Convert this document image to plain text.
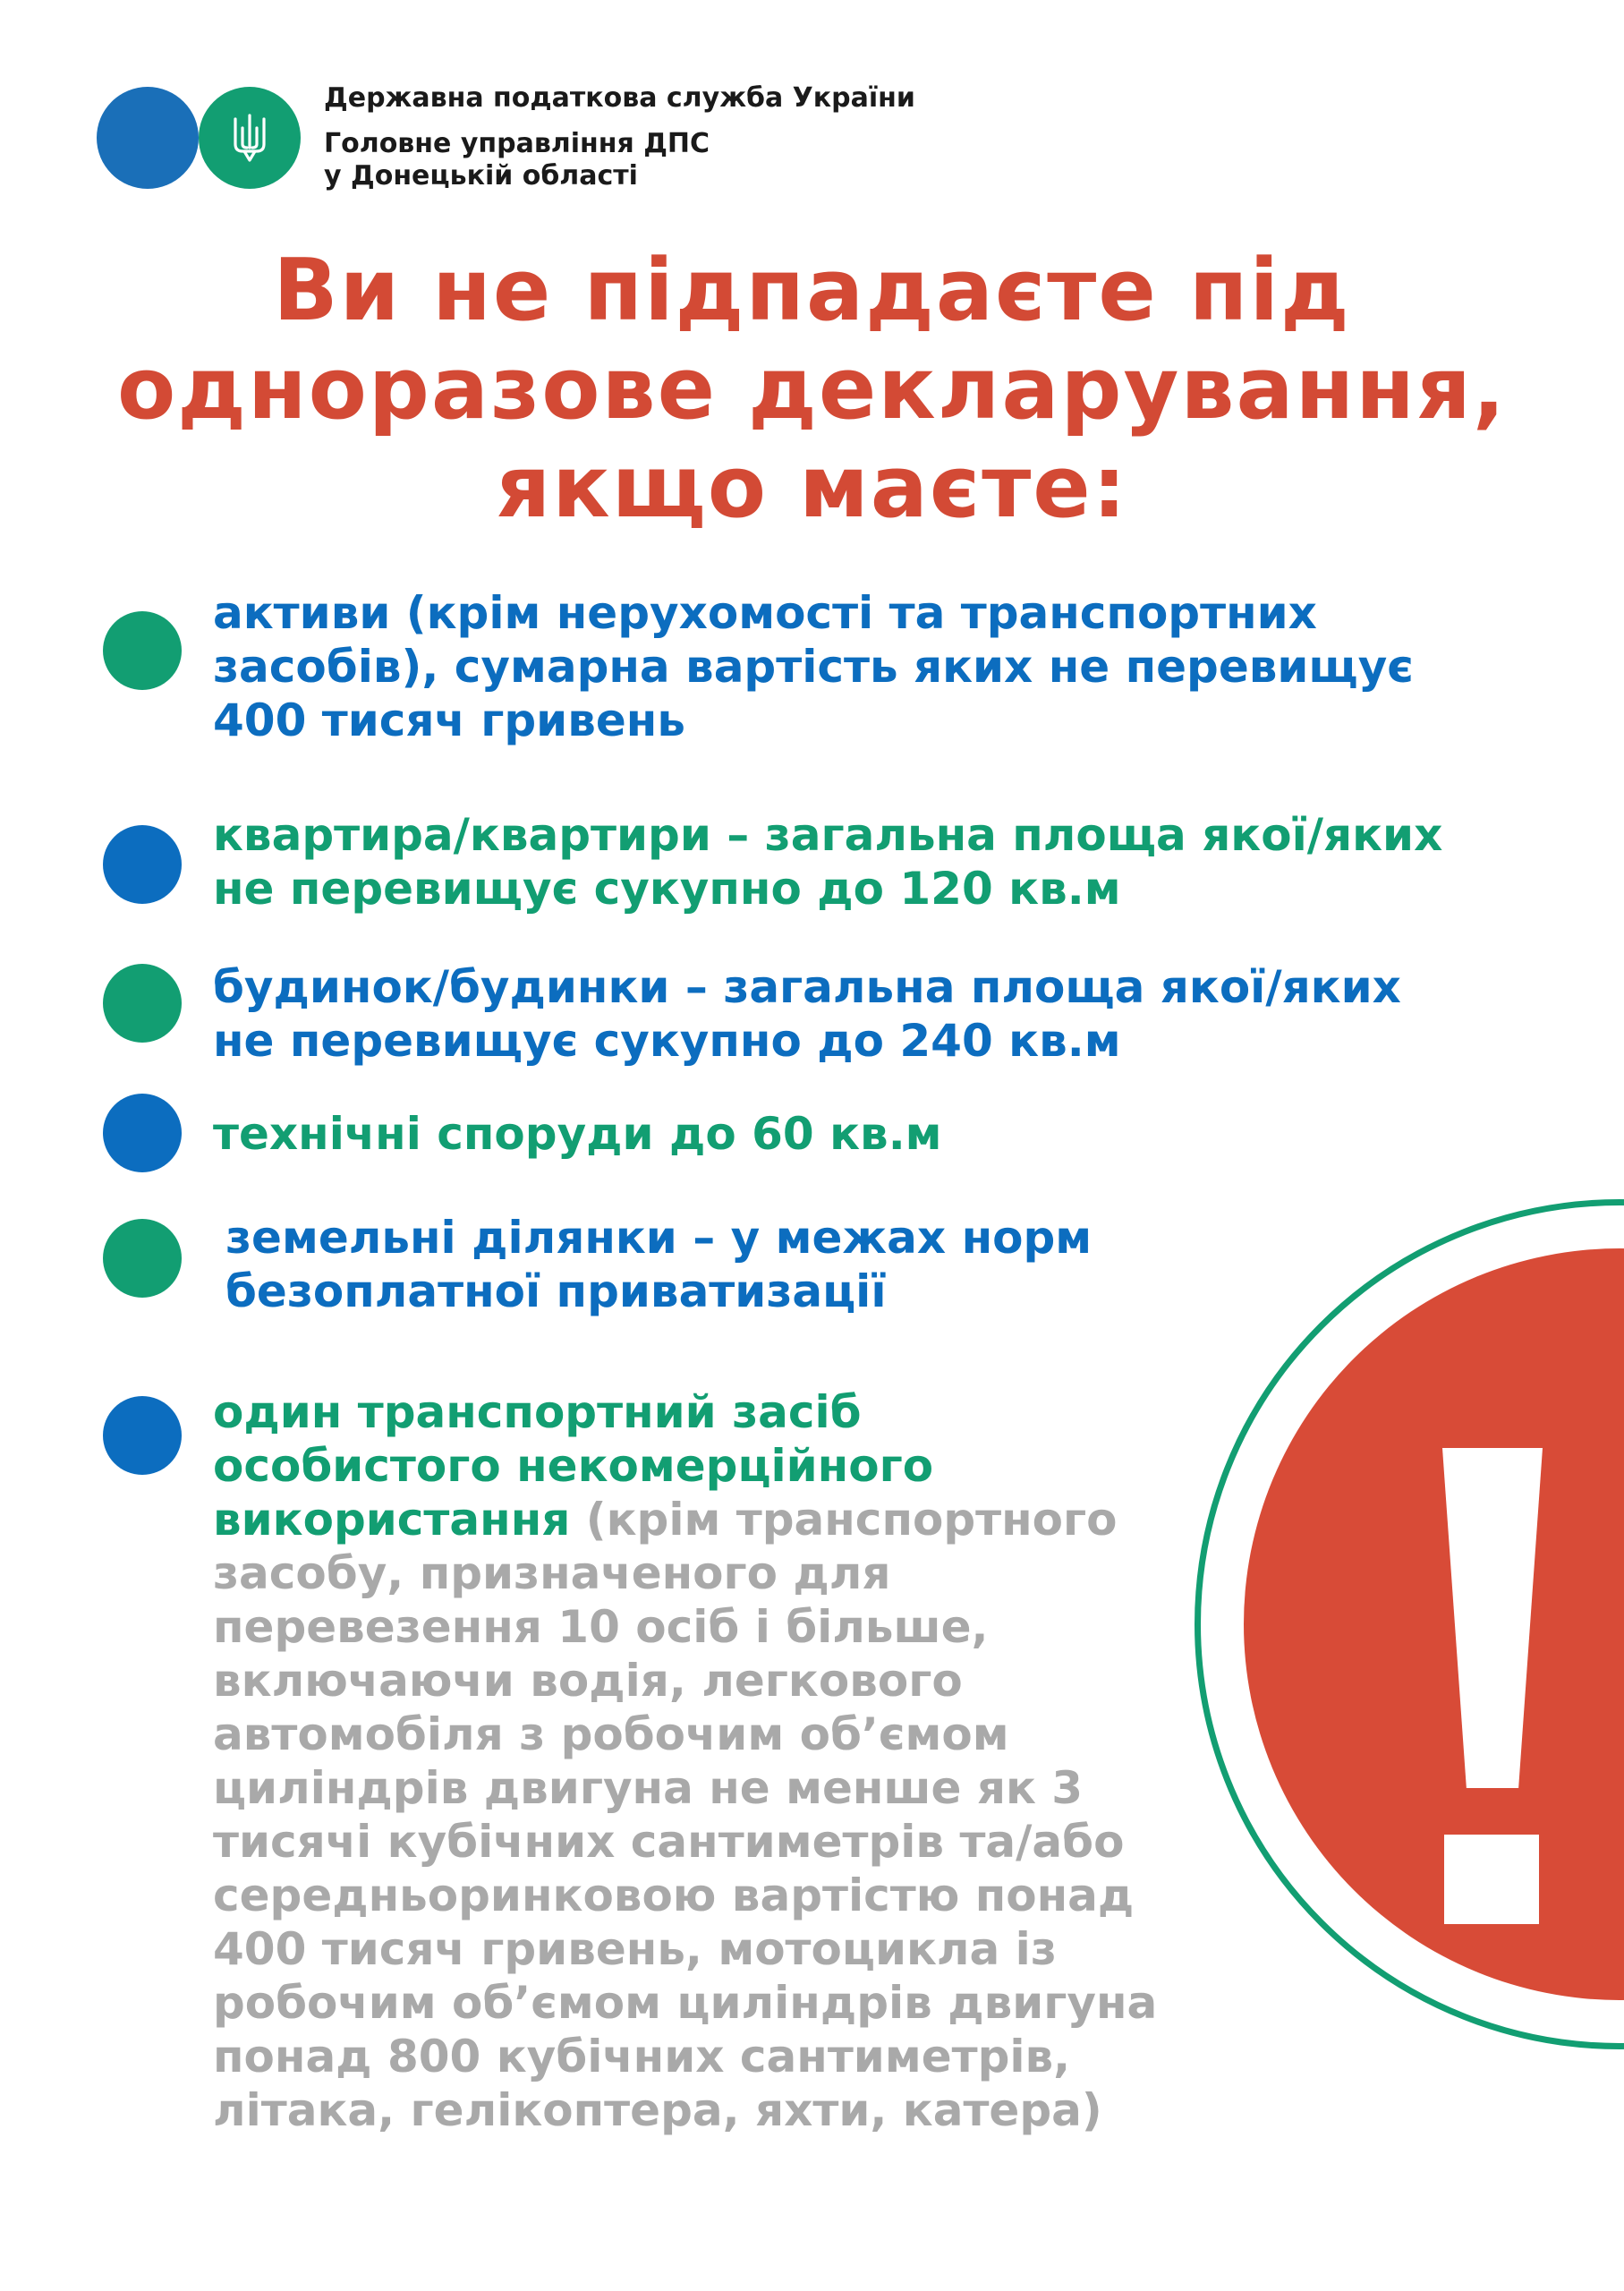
Державна податкова служба України
Головне управління ДПС
у Донецькій області
Ви не підпадаєте під
одноразове декларування,
якщо маєте:
активи (крім нерухомості та транспортних
засобів), сумарна вартість яких не перевищує
400 тисяч гривень
квартира/квартири – загальна площа якої/яких
не перевищує сукупно до 120 кв.м
будинок/будинки – загальна площа якої/яких
не перевищує сукупно до 240 кв.м
технічні споруди до 60 кв.м
земельні ділянки – у межах норм
безоплатної приватизації
один транспортний засіб
особистого некомерційного
використання (крім транспортного
засобу, призначеного для
перевезення 10 осіб і більше,
включаючи водія, легкового
автомобіля з робочим об’ємом
циліндрів двигуна не менше як 3
тисячі кубічних сантиметрів та/або
середньоринковою вартістю понад
400 тисяч гривень, мотоцикла із
робочим об’ємом циліндрів двигуна
понад 800 кубічних сантиметрів,
літака, гелікоптера, яхти, катера)
